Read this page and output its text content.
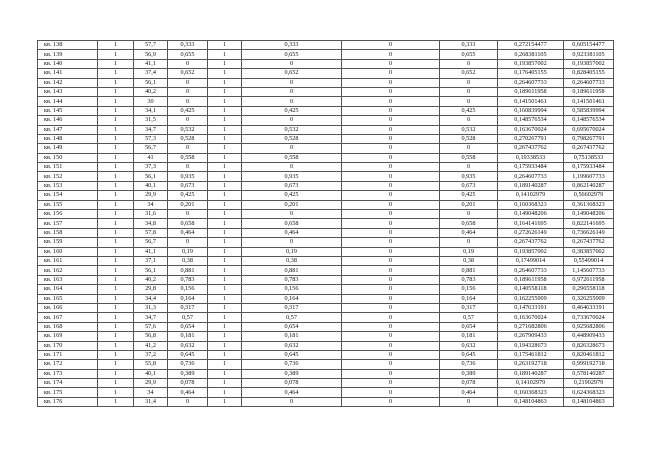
кв. 138	1	57,7	0,333	1	0,333	0	0,333	0,272154477	0,605154477
кв. 139	1	56,9	0,655	1	0,655	0	0,655	0,268381105	0,923381105
кв. 140	1	41,1	0	1	0	0	0	0,193857002	0,193857002
кв. 141	1	37,4	0,652	1	0,652	0	0,652	0,176405155	0,828405155
кв. 142	1	56,1	0	1	0	0	0	0,264607733	0,264607733
кв. 143	1	40,2	0	1	0	0	0	0,189611958	0,189611958
кв. 144	1	30	0	1	0	0	0	0,141501461	0,141501461
кв. 145	1	34,1	0,425	1	0,425	0	0,425	0,160839994	0,585839994
кв. 146	1	31,5	0	1	0	0	0	0,148576534	0,148576534
кв. 147	1	34,7	0,532	1	0,532	0	0,532	0,163670024	0,695670024
кв. 148	1	57,3	0,528	1	0,528	0	0,528	0,270267791	0,798267791
кв. 149	1	56,7	0	1	0	0	0	0,267437762	0,267437762
кв. 150	1	41	0,558	1	0,558	0	0,558	0,19338533	0,75138533
кв. 151	1	37,3	0	1	0	0	0	0,175933484	0,175933484
кв. 152	1	56,1	0,935	1	0,935	0	0,935	0,264607733	1,199607733
кв. 153	1	40,1	0,673	1	0,673	0	0,673	0,189140287	0,862140287
кв. 154	1	29,9	0,425	1	0,425	0	0,425	0,14102979	0,56602979
кв. 155	1	34	0,201	1	0,201	0	0,201	0,160368323	0,361368323
кв. 156	1	31,6	0	1	0	0	0	0,149048206	0,149048206
кв. 157	1	34,8	0,658	1	0,658	0	0,658	0,164141695	0,822141695
кв. 158	1	57,8	0,464	1	0,464	0	0,464	0,272626149	0,736626149
кв. 159	1	56,7	0	1	0	0	0	0,267437762	0,267437762
кв. 160	1	41,1	0,19	1	0,19	0	0,19	0,193857002	0,383857002
кв. 161	1	37,1	0,38	1	0,38	0	0,38	0,17499014	0,55499014
кв. 162	1	56,1	0,881	1	0,881	0	0,881	0,264607733	1,145607733
кв. 163	1	40,2	0,783	1	0,783	0	0,783	0,189611958	0,972611958
кв. 164	1	29,8	0,156	1	0,156	0	0,156	0,140558118	0,296558118
кв. 165	1	34,4	0,164	1	0,164	0	0,164	0,162255009	0,326255009
кв. 166	1	31,3	0,317	1	0,317	0	0,317	0,147633191	0,464633191
кв. 167	1	34,7	0,57	1	0,57	0	0,57	0,163670024	0,733670024
кв. 168	1	57,6	0,654	1	0,654	0	0,654	0,271682806	0,925682806
кв. 169	1	56,8	0,181	1	0,181	0	0,181	0,267909433	0,448909433
кв. 170	1	41,2	0,632	1	0,632	0	0,632	0,194328673	0,826328673
кв. 171	1	37,2	0,645	1	0,645	0	0,645	0,175461812	0,820461812
кв. 172	1	55,8	0,736	1	0,736	0	0,736	0,263192718	0,999192718
кв. 173	1	40,1	0,389	1	0,389	0	0,389	0,189140287	0,578140287
кв. 174	1	29,9	0,078	1	0,078	0	0,078	0,14102979	0,21902979
кв. 175	1	34	0,464	1	0,464	0	0,464	0,160368323	0,624368323
кв. 176	1	31,4	0	1	0	0	0	0,148104863	0,148104863
